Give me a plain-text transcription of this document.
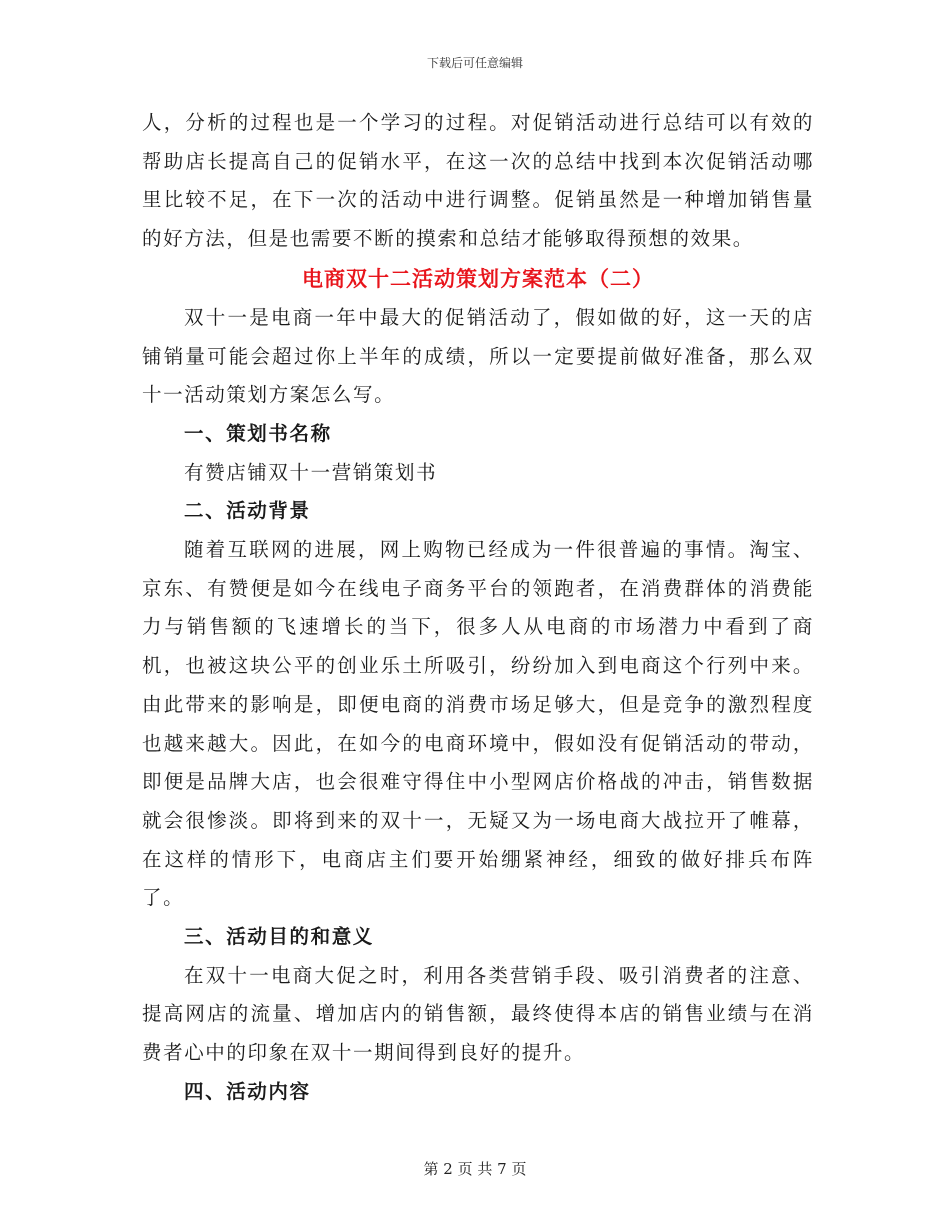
下载后可任意编辑

人，分析的过程也是一个学习的过程。对促销活动进行总结可以有效的帮助店长提高自己的促销水平，在这一次的总结中找到本次促销活动哪里比较不足，在下一次的活动中进行调整。促销虽然是一种增加销售量的好方法，但是也需要不断的摸索和总结才能够取得预想的效果。

电商双十二活动策划方案范本（二）

双十一是电商一年中最大的促销活动了，假如做的好，这一天的店铺销量可能会超过你上半年的成绩，所以一定要提前做好准备，那么双十一活动策划方案怎么写。

一、策划书名称

有赞店铺双十一营销策划书

二、活动背景

随着互联网的进展，网上购物已经成为一件很普遍的事情。淘宝、京东、有赞便是如今在线电子商务平台的领跑者，在消费群体的消费能力与销售额的飞速增长的当下，很多人从电商的市场潜力中看到了商机，也被这块公平的创业乐土所吸引，纷纷加入到电商这个行列中来。由此带来的影响是，即便电商的消费市场足够大，但是竞争的激烈程度也越来越大。因此，在如今的电商环境中，假如没有促销活动的带动，即便是品牌大店，也会很难守得住中小型网店价格战的冲击，销售数据就会很惨淡。即将到来的双十一，无疑又为一场电商大战拉开了帷幕，在这样的情形下，电商店主们要开始绷紧神经，细致的做好排兵布阵了。

三、活动目的和意义

在双十一电商大促之时，利用各类营销手段、吸引消费者的注意、提高网店的流量、增加店内的销售额，最终使得本店的销售业绩与在消费者心中的印象在双十一期间得到良好的提升。

四、活动内容

第 2 页 共 7 页
